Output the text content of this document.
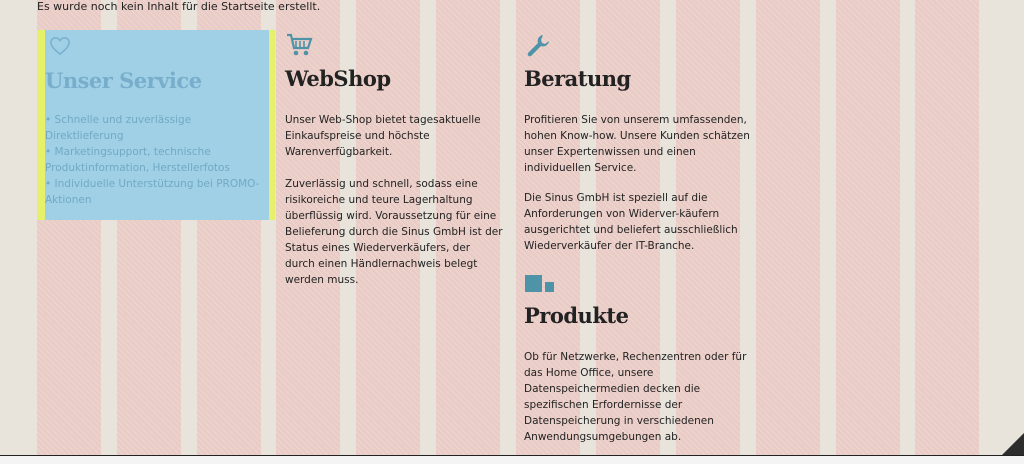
Es wurde noch kein Inhalt für die Startseite erstellt.
Unser Service
• Schnelle und zuverlässige Direktlieferung
• Marketingsupport, technische Produktinformation, Herstellerfotos
• Individuelle Unterstützung bei PROMO-Aktionen
WebShop

Unser Web-Shop bietet tagesaktuelle Einkaufspreise und höchste Warenverfügbarkeit.

Zuverlässig und schnell, sodass eine risikoreiche und teure Lagerhaltung überflüssig wird. Voraussetzung für eine Belieferung durch die Sinus GmbH ist der Status eines Wiederverkäufers, der durch einen Händlernachweis belegt werden muss.

Beratung

Profitieren Sie von unserem umfassenden, hohen Know-how. Unsere Kunden schätzen unser Expertenwissen und einen individuellen Service.

Die Sinus GmbH ist speziell auf die Anforderungen von Widerver-käufern ausgerichtet und beliefert ausschließlich Wiederverkäufer der IT-Branche.

Produkte

Ob für Netzwerke, Rechenzentren oder für das Home Office, unsere Datenspeichermedien decken die spezifischen Erfordernisse der Datenspeicherung in verschiedenen Anwendungsumgebungen ab.
